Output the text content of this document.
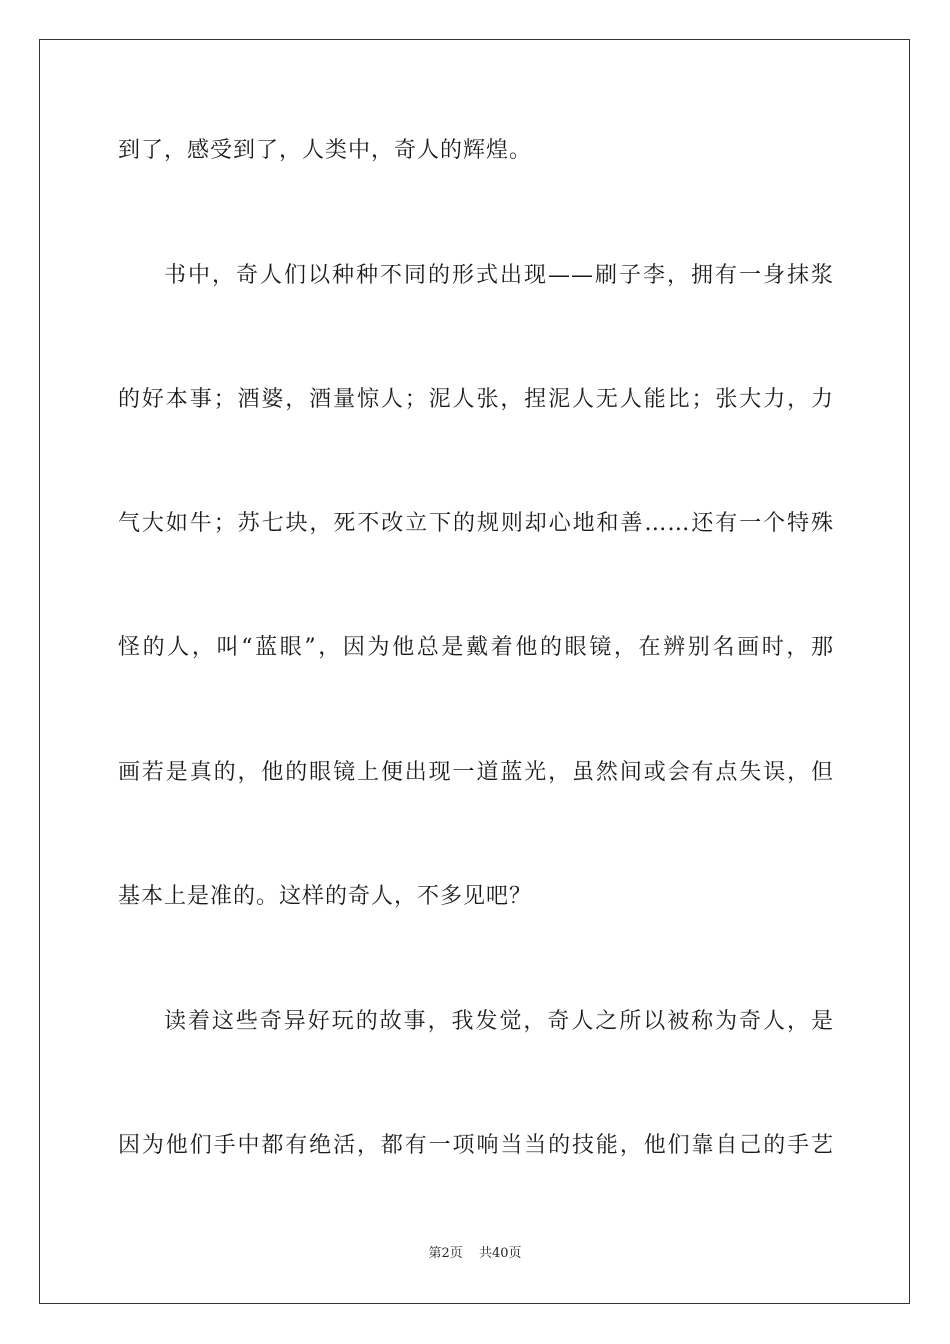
到了，感受到了，人类中，奇人的辉煌。
书中，奇人们以种种不同的形式出现——刷子李，拥有一身抹浆
的好本事；酒婆，酒量惊人；泥人张，捏泥人无人能比；张大力，力
气大如牛；苏七块，死不改立下的规则却心地和善……还有一个特殊
怪的人，叫“蓝眼”，因为他总是戴着他的眼镜，在辨别名画时，那
画若是真的，他的眼镜上便出现一道蓝光，虽然间或会有点失误，但
基本上是准的。这样的奇人，不多见吧？
读着这些奇异好玩的故事，我发觉，奇人之所以被称为奇人，是
因为他们手中都有绝活，都有一项响当当的技能，他们靠自己的手艺
第2页 共40页
